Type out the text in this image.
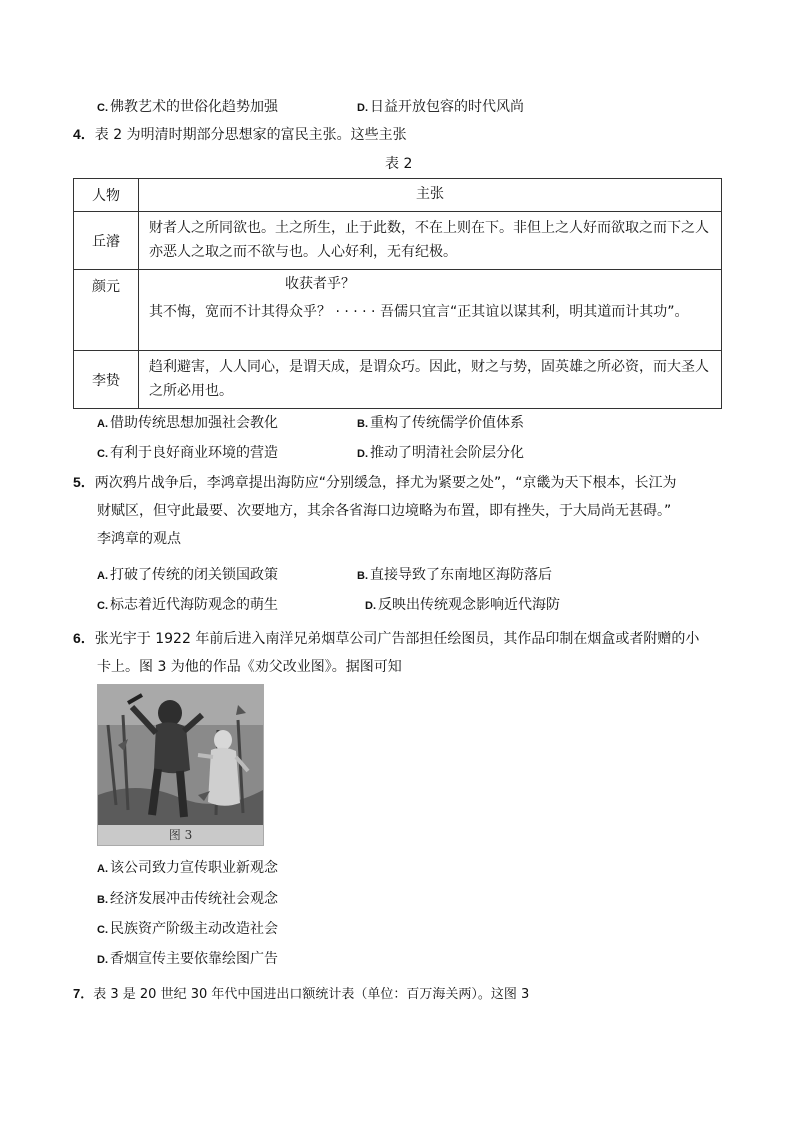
C. 佛教艺术的世俗化趋势加强	D. 日益开放包容的时代风尚
4．表 2 为明清时期部分思想家的富民主张。这些主张
表 2
人物	主张
丘濬	财者人之所同欲也。土之所生，止于此数，不在上则在下。非但上之人好而欲取之而下之人
亦恶人之取之而不欲与也。人心好利，无有纪极。

颜元	收获者乎？
其不悔，宽而不计其得众乎？ · · · · · 吾儒只宜言“正其谊以谋其利，明其道而计其功”。

李贽	趋利避害，人人同心，是谓天成，是谓众巧。因此，财之与势，固英雄之所必资，而大圣人
之所必用也。
A. 借助传统思想加强社会教化	B. 重构了传统儒学价值体系
C. 有利于良好商业环境的营造	D. 推动了明清社会阶层分化
5．两次鸦片战争后，李鸿章提出海防应“分别缓急，择尤为紧要之处”，“京畿为天下根本，长江为
财赋区，但守此最要、次要地方，其余各省海口边境略为布置，即有挫失，于大局尚无甚碍。”
李鸿章的观点
A. 打破了传统的闭关锁国政策	B. 直接导致了东南地区海防落后
C. 标志着近代海防观念的萌生	D. 反映出传统观念影响近代海防
6．张光宇于 1922 年前后进入南洋兄弟烟草公司广告部担任绘图员，其作品印制在烟盒或者附赠的小
卡上。图 3 为他的作品《劝父改业图》。据图可知
图 3
A. 该公司致力宣传职业新观念
B. 经济发展冲击传统社会观念
C. 民族资产阶级主动改造社会
D. 香烟宣传主要依靠绘图广告
7．表 3 是 20 世纪 30 年代中国进出口额统计表（单位：百万海关两）。这图 3
